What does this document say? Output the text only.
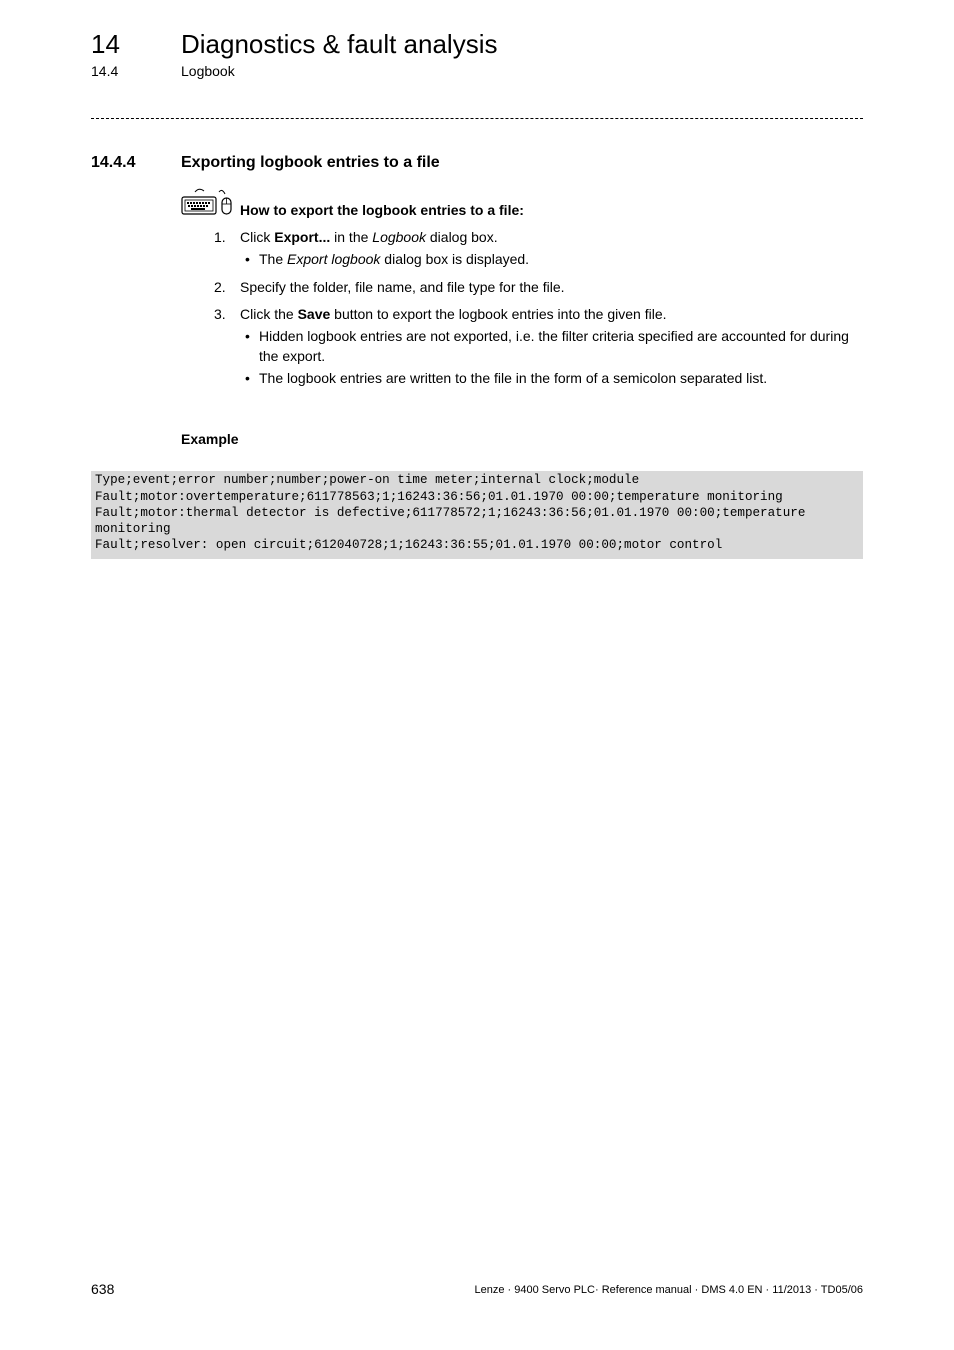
14 Diagnostics & fault analysis
14.4	Logbook
14.4.4	Exporting logbook entries to a file
How to export the logbook entries to a file:
1. Click Export... in the Logbook dialog box.
• The Export logbook dialog box is displayed.
2. Specify the folder, file name, and file type for the file.
3. Click the Save button to export the logbook entries into the given file.
• Hidden logbook entries are not exported, i.e. the filter criteria specified are accounted for during the export.
• The logbook entries are written to the file in the form of a semicolon separated list.
Example
Type;event;error number;number;power-on time meter;internal clock;module
Fault;motor:overtemperature;611778563;1;16243:36:56;01.01.1970 00:00;temperature monitoring
Fault;motor:thermal detector is defective;611778572;1;16243:36:56;01.01.1970 00:00;temperature
monitoring
Fault;resolver: open circuit;612040728;1;16243:36:55;01.01.1970 00:00;motor control
638	Lenze · 9400 Servo PLC· Reference manual · DMS 4.0 EN · 11/2013 · TD05/06
